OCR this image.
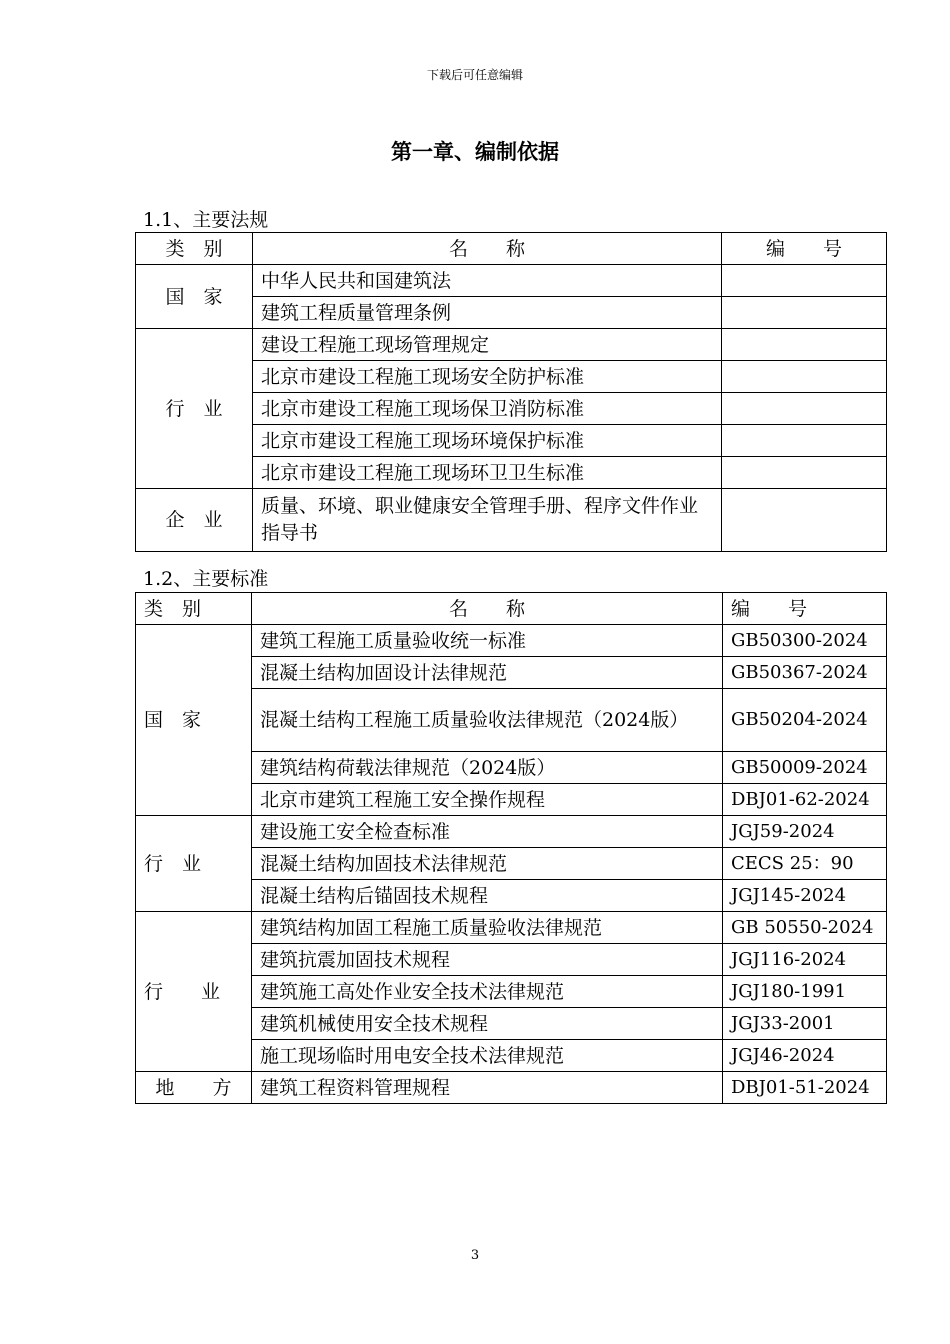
下载后可任意编辑
第一章、编制依据
1.1、主要法规
类　别	名　　称	编　　号
国　家	中华人民共和国建筑法	
	建筑工程质量管理条例	
行　业	建设工程施工现场管理规定	
	北京市建设工程施工现场安全防护标准	
	北京市建设工程施工现场保卫消防标准	
	北京市建设工程施工现场环境保护标准	
	北京市建设工程施工现场环卫卫生标准	
企　业	质量、环境、职业健康安全管理手册、程序文件作业指导书	
1.2、主要标准
类　别	名　　称	编　　号
国　家	建筑工程施工质量验收统一标准	GB50300-2024
	混凝土结构加固设计法律规范	GB50367-2024
	混凝土结构工程施工质量验收法律规范（2024版）	GB50204-2024
	建筑结构荷载法律规范（2024版）	GB50009-2024
	北京市建筑工程施工安全操作规程	DBJ01-62-2024
行　业	建设施工安全检查标准	JGJ59-2024
	混凝土结构加固技术法律规范	CECS 25：90
	混凝土结构后锚固技术规程	JGJ145-2024
行　　业	建筑结构加固工程施工质量验收法律规范	GB 50550-2024
	建筑抗震加固技术规程	JGJ116-2024
	建筑施工高处作业安全技术法律规范	JGJ180-1991
	建筑机械使用安全技术规程	JGJ33-2001
	施工现场临时用电安全技术法律规范	JGJ46-2024
地　　方	建筑工程资料管理规程	DBJ01-51-2024
3
